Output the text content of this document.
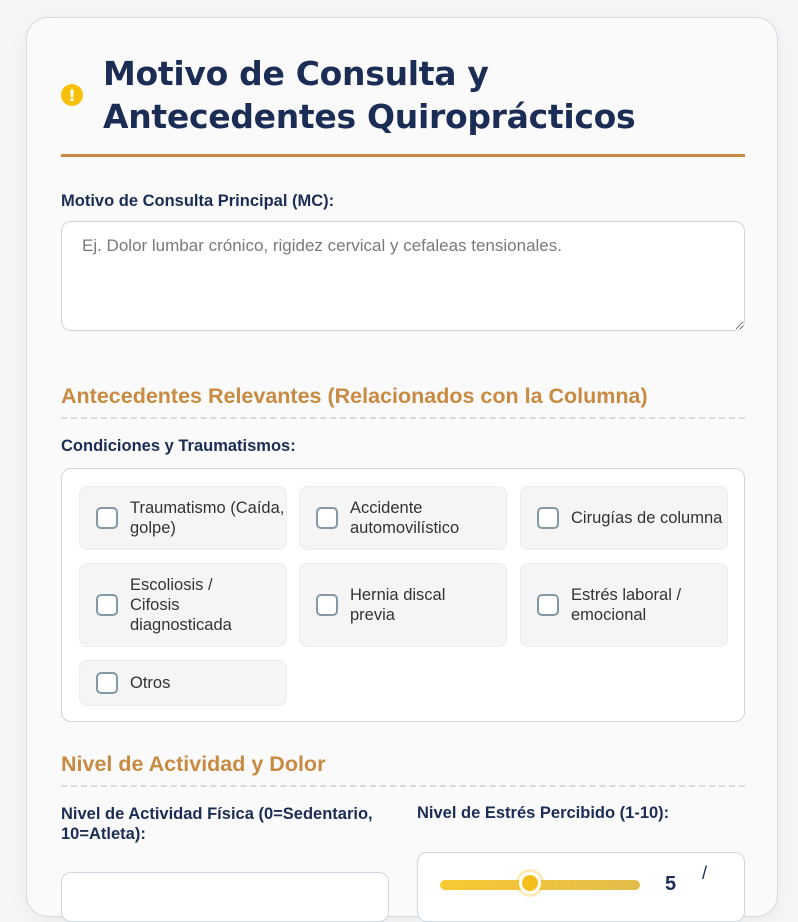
!
Motivo de Consulta y
Antecedentes Quiroprácticos
Motivo de Consulta Principal (MC):
Ej. Dolor lumbar crónico, rigidez cervical y cefaleas tensionales.
Antecedentes Relevantes (Relacionados con la Columna)
Condiciones y Traumatismos:
Traumatismo (Caída, golpe)
Accidente automovilístico
Cirugías de columna
Escoliosis / Cifosis diagnosticada
Hernia discal previa
Estrés laboral / emocional
Otros
Nivel de Actividad y Dolor
Nivel de Actividad Física (0=Sedentario, 10=Atleta):
Nivel de Estrés Percibido (1-10):
5 /
